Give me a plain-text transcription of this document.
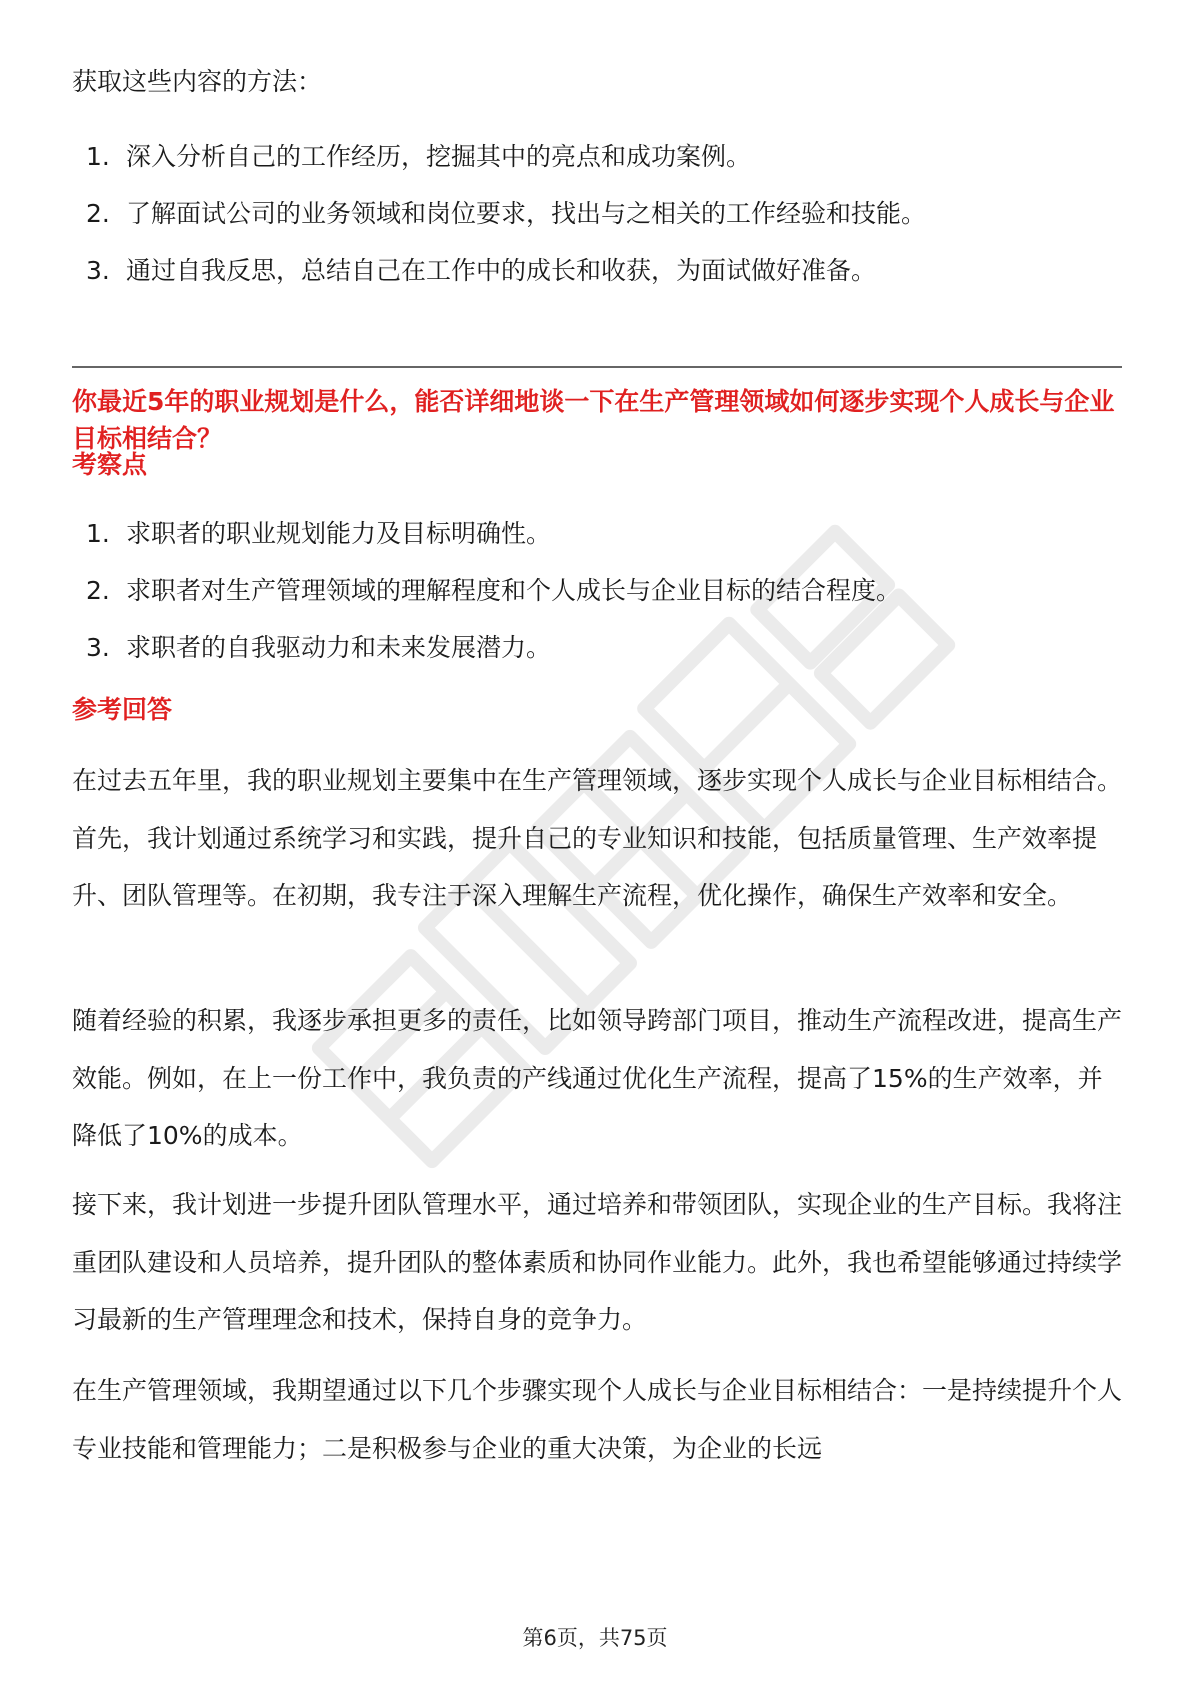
获取这些内容的方法：
1. 深入分析自己的工作经历，挖掘其中的亮点和成功案例。
2. 了解面试公司的业务领域和岗位要求，找出与之相关的工作经验和技能。
3. 通过自我反思，总结自己在工作中的成长和收获，为面试做好准备。
你最近5年的职业规划是什么，能否详细地谈一下在生产管理领域如何逐步实现个人成长与企业目标相结合？
考察点
1. 求职者的职业规划能力及目标明确性。
2. 求职者对生产管理领域的理解程度和个人成长与企业目标的结合程度。
3. 求职者的自我驱动力和未来发展潜力。
参考回答

在过去五年里，我的职业规划主要集中在生产管理领域，逐步实现个人成长与企业目标相结合。首先，我计划通过系统学习和实践，提升自己的专业知识和技能，包括质量管理、生产效率提升、团队管理等。在初期，我专注于深入理解生产流程，优化操作，确保生产效率和安全。

随着经验的积累，我逐步承担更多的责任，比如领导跨部门项目，推动生产流程改进，提高生产效能。例如，在上一份工作中，我负责的产线通过优化生产流程，提高了15%的生产效率，并降低了10%的成本。

接下来，我计划进一步提升团队管理水平，通过培养和带领团队，实现企业的生产目标。我将注重团队建设和人员培养，提升团队的整体素质和协同作业能力。此外，我也希望能够通过持续学习最新的生产管理理念和技术，保持自身的竞争力。

在生产管理领域，我期望通过以下几个步骤实现个人成长与企业目标相结合：一是持续提升个人专业技能和管理能力；二是积极参与企业的重大决策，为企业的长远

第6页，共75页
